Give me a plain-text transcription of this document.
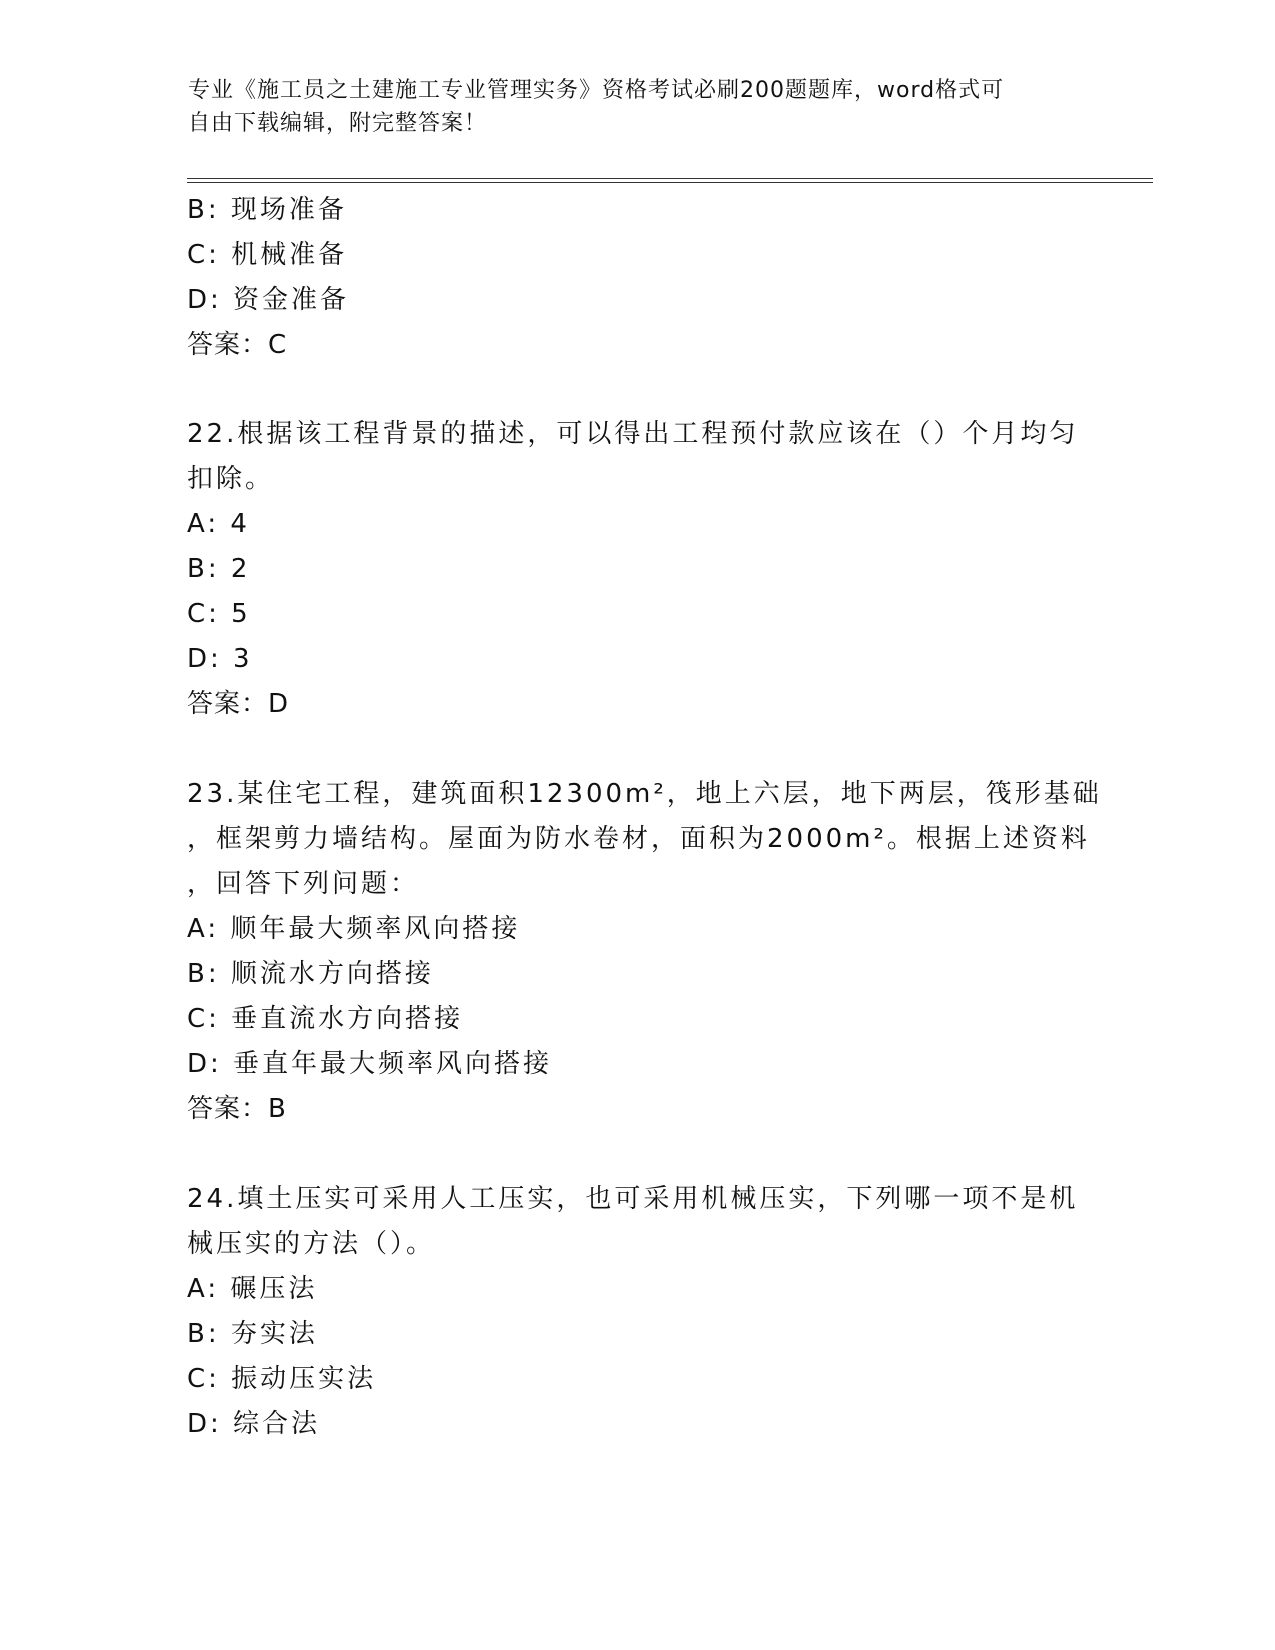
专业《施工员之土建施工专业管理实务》资格考试必刷200题题库，word格式可
自由下载编辑，附完整答案！
B: 现场准备
C: 机械准备
D: 资金准备
答案：C
22.根据该工程背景的描述，可以得出工程预付款应该在（）个月均匀
扣除。
A: 4
B: 2
C: 5
D: 3
答案：D
23.某住宅工程，建筑面积12300m²，地上六层，地下两层，筏形基础
，框架剪力墙结构。屋面为防水卷材，面积为2000m²。根据上述资料
，回答下列问题：
A: 顺年最大频率风向搭接
B: 顺流水方向搭接
C: 垂直流水方向搭接
D: 垂直年最大频率风向搭接
答案：B
24.填土压实可采用人工压实，也可采用机械压实，下列哪一项不是机
械压实的方法（）。
A: 碾压法
B: 夯实法
C: 振动压实法
D: 综合法
